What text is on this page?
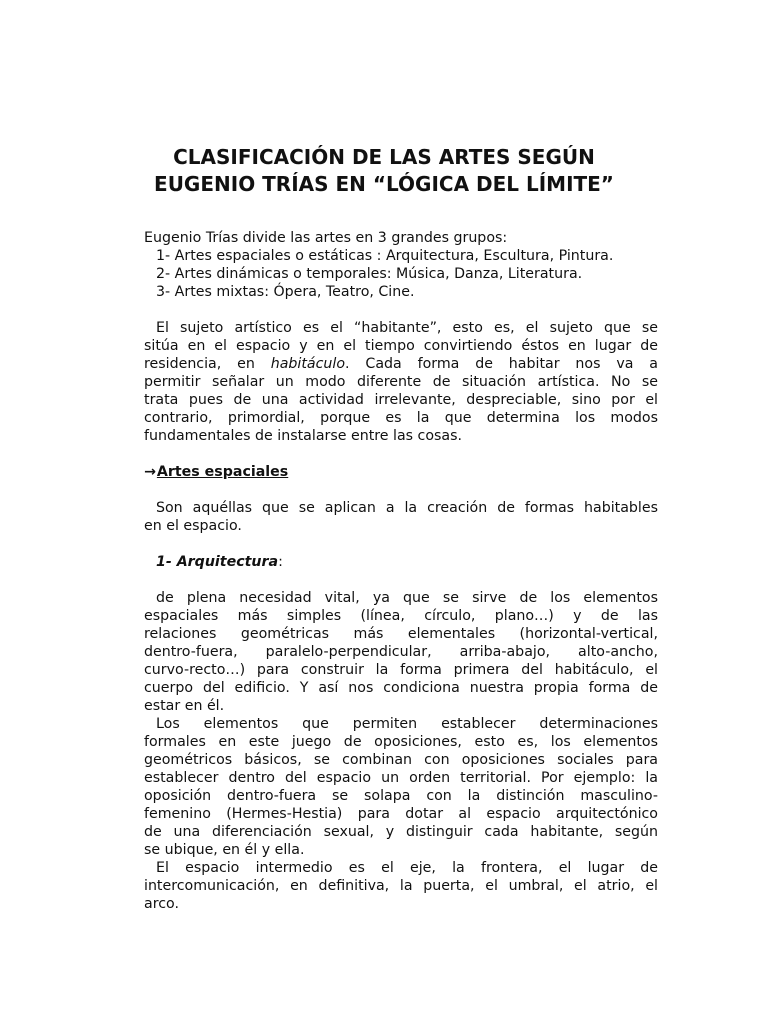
CLASIFICACIÓN DE LAS ARTES SEGÚN
EUGENIO TRÍAS EN “LÓGICA DEL LÍMITE”

Eugenio Trías divide las artes en 3 grandes grupos:

1- Artes espaciales o estáticas : Arquitectura, Escultura, Pintura.

2- Artes dinámicas o temporales: Música, Danza, Literatura.

3- Artes mixtas: Ópera, Teatro, Cine.

El sujeto artístico es el “habitante”, esto es, el sujeto que se
sitúa en el espacio y en el tiempo convirtiendo éstos en lugar de
residencia, en habitáculo. Cada forma de habitar nos va a
permitir señalar un modo diferente de situación artística. No se
trata pues de una actividad irrelevante, despreciable, sino por el
contrario, primordial, porque es la que determina los modos
fundamentales de instalarse entre las cosas.

→Artes espaciales

Son aquéllas que se aplican a la creación de formas habitables
en el espacio.

1- Arquitectura:

de plena necesidad vital, ya que se sirve de los elementos
espaciales más simples (línea, círculo, plano…) y de las
relaciones geométricas más elementales (horizontal-vertical,
dentro-fuera, paralelo-perpendicular, arriba-abajo, alto-ancho,
curvo-recto…) para construir la forma primera del habitáculo, el
cuerpo del edificio. Y así nos condiciona nuestra propia forma de
estar en él.
Los elementos que permiten establecer determinaciones
formales en este juego de oposiciones, esto es, los elementos
geométricos básicos, se combinan con oposiciones sociales para
establecer dentro del espacio un orden territorial. Por ejemplo: la
oposición dentro-fuera se solapa con la distinción masculino-
femenino (Hermes-Hestia) para dotar al espacio arquitectónico
de una diferenciación sexual, y distinguir cada habitante, según
se ubique, en él y ella.
El espacio intermedio es el eje, la frontera, el lugar de
intercomunicación, en definitiva, la puerta, el umbral, el atrio, el
arco.
